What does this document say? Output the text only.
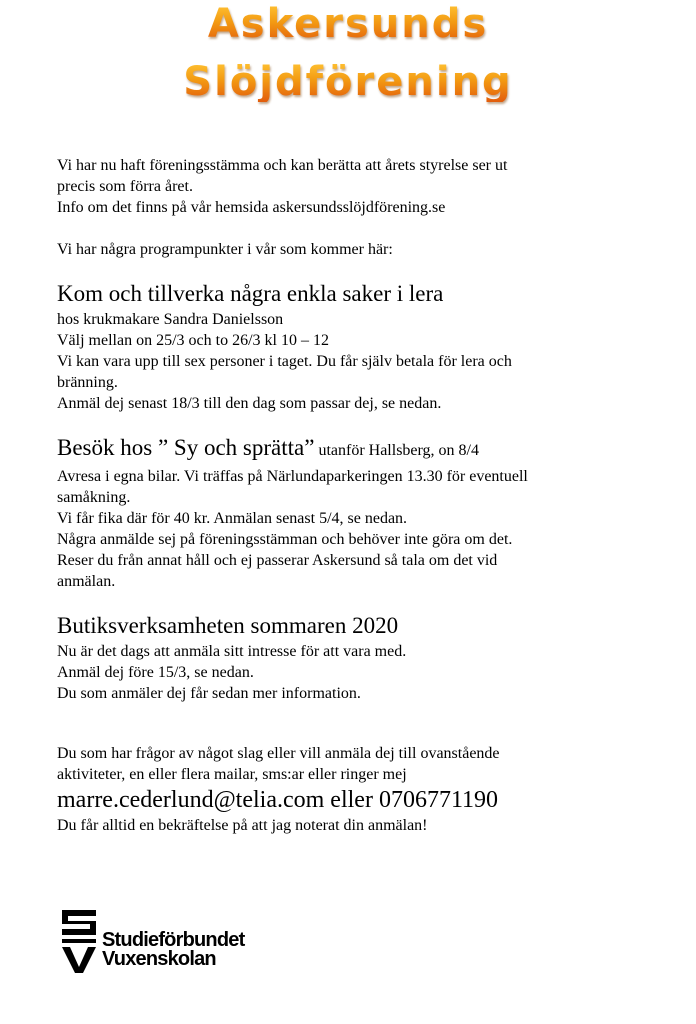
Askersunds
Slöjdförening
Vi har nu haft föreningsstämma och kan berätta att årets styrelse ser ut
precis som förra året.
Info om det finns på vår hemsida askersundsslöjdförening.se
Vi har några programpunkter i vår som kommer här:
Kom och tillverka några enkla saker i lera
hos krukmakare Sandra Danielsson
Välj mellan on 25/3 och to 26/3 kl 10 – 12
Vi kan vara upp till sex personer i taget. Du får själv betala för lera och
bränning.
Anmäl dej senast 18/3 till den dag som passar dej, se nedan.
Besök hos ” Sy och sprätta” utanför Hallsberg, on 8/4
Avresa i egna bilar. Vi träffas på Närlundaparkeringen 13.30 för eventuell
samåkning.
Vi får fika där för 40 kr. Anmälan senast 5/4, se nedan.
Några anmälde sej på föreningsstämman och behöver inte göra om det.
Reser du från annat håll och ej passerar Askersund så tala om det vid
anmälan.
Butiksverksamheten sommaren 2020
Nu är det dags att anmäla sitt intresse för att vara med.
Anmäl dej före 15/3, se nedan.
Du som anmäler dej får sedan mer information.
Du som har frågor av något slag eller vill anmäla dej till ovanstående
aktiviteter, en eller flera mailar, sms:ar eller ringer mej
marre.cederlund@telia.com eller 0706771190
Du får alltid en bekräftelse på att jag noterat din anmälan!
Studieförbundet
Vuxenskolan
